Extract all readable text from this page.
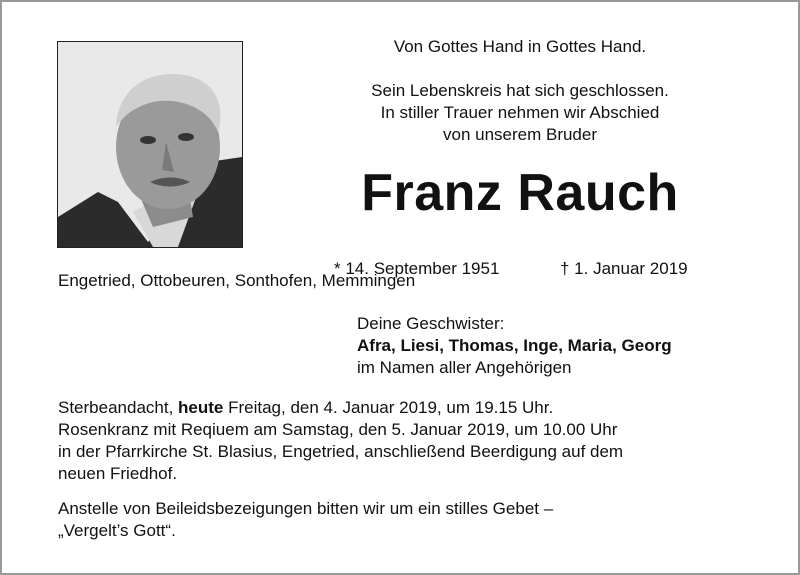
Von Gottes Hand in Gottes Hand.
Sein Lebenskreis hat sich geschlossen.
In stiller Trauer nehmen wir Abschied
von unserem Bruder
Franz Rauch
* 14. September 1951	† 1. Januar 2019
Engetried, Ottobeuren, Sonthofen, Memmingen
Deine Geschwister:
Afra, Liesi, Thomas, Inge, Maria, Georg
im Namen aller Angehörigen
Sterbeandacht, heute Freitag, den 4. Januar 2019, um 19.15 Uhr.
Rosenkranz mit Reqiuem am Samstag, den 5. Januar 2019, um 10.00 Uhr
in der Pfarrkirche St. Blasius, Engetried, anschließend Beerdigung auf dem
neuen Friedhof.
Anstelle von Beileidsbezeigungen bitten wir um ein stilles Gebet –
„Vergelt’s Gott“.
